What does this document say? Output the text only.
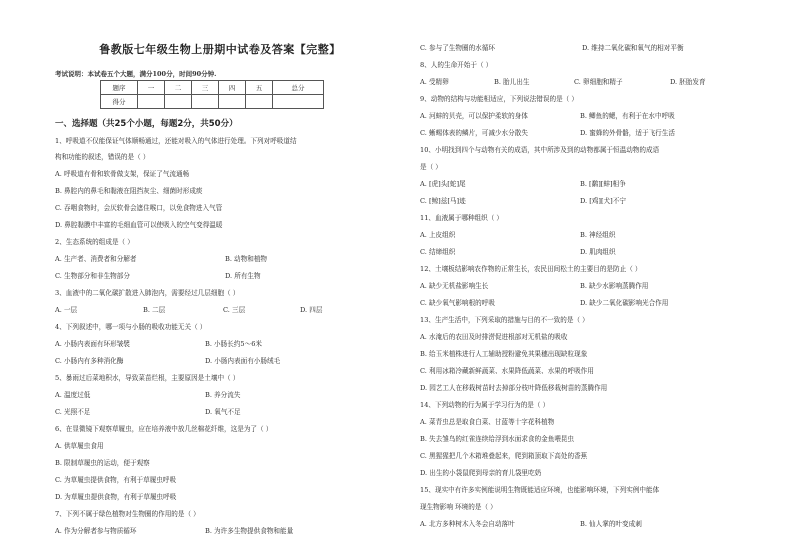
鲁教版七年级生物上册期中试卷及答案【完整】
考试说明：本试卷五个大题，满分100分，时间90分钟.
题序	一	二	三	四	五	总分
得分						
一、选择题（共25个小题，每题2分，共50分）
1、呼吸道不仅能保证气体顺畅通过，还能对吸入的气体进行处理。下列对呼吸道结
构和功能的叙述，错误的是（ ）
A. 呼吸道有骨和软骨做支架，保证了气流通畅
B. 鼻腔内的鼻毛和黏液在阻挡灰尘、细菌时形成痰
C. 吞咽食物时，会厌软骨会遮住喉口，以免食物进入气管
D. 鼻腔黏膜中丰富的毛细血管可以使吸入的空气变得温暖
2、生态系统的组成是（ ）
A. 生产者、消费者和分解者	B. 动物和植物
C. 生物部分和非生物部分	D. 所有生物
3、血液中的二氧化碳扩散进入肺泡内，需要经过几层细胞（ ）
A. 一层	B. 二层	C. 三层	D. 四层
4、下列叙述中，哪一项与小肠的吸收功能无关（ ）
A. 小肠内表面有环形皱襞	B. 小肠长约5～6米
C. 小肠内有多种消化酶	D. 小肠内表面有小肠绒毛
5、暴雨过后菜地积水，导致菜苗烂根，主要原因是土壤中（ ）
A. 温度过低	B. 养分流失
C. 光照不足	D. 氧气不足
6、在显微镜下观察草履虫，应在培养液中放几丝棉花纤维，这是为了（ ）
A. 供草履虫食用
B. 限制草履虫的运动，便于观察
C. 为草履虫提供食物，有利于草履虫呼吸
D. 为草履虫提供食物，有利于草履虫呼吸
7、下列不属于绿色植物对生物圈的作用的是（ ）
A. 作为分解者参与物质循环	B. 为许多生物提供食物和能量
C. 参与了生物圈的水循环	D. 维持二氧化碳和氧气的相对平衡
8、人的生命开始于（ ）
A. 受精卵	B. 胎儿出生	C. 卵细胞和精子	D. 胚胎发育
9、动物的结构与功能相适应，下列说法错误的是（ ）
A. 河蚌的贝壳，可以保护柔软的身体	B. 鲫鱼的鳃，有利于在水中呼吸
C. 蜥蜴体表的鳞片，可减少水分散失	D. 蜜蜂的外骨骼，适于飞行生活
10、小明找到四个与动物有关的成语，其中所涉及到的动物都属于恒温动物的成语
是（ ）
A. [虎]头[蛇]尾	B. [鹬][蚌]相争
C. [鲸]兹[马]迹	D. [鸡][犬]不宁
11、血液属于哪种组织（ ）
A. 上皮组织	B. 神经组织
C. 结缔组织	D. 肌肉组织
12、土壤板结影响农作物的正常生长，农民田间松土的主要目的是防止（ ）
A. 缺少无机盐影响生长	B. 缺少水影响蒸腾作用
C. 缺少氧气影响根的呼吸	D. 缺少二氧化碳影响光合作用
13、生产生活中，下列采取的措施与目的不一致的是（ ）
A. 水淹后的农田及时排涝促进根部对无机盐的吸收
B. 给玉米植株进行人工辅助授粉避免其果穗出现缺粒现象
C. 利用冰箱冷藏新鲜蔬菜、水果降低蔬菜、水果的呼吸作用
D. 园艺工人在移栽树苗时去掉部分枝叶降低移栽树苗的蒸腾作用
14、下列动物的行为属于学习行为的是（ ）
A. 菜青虫总是取食白菜、甘蓝等十字花科植物
B. 失去雏鸟的红雀连续给浮到水面求食的金鱼喂昆虫
C. 黑猩猩把几个木箱堆叠起来，爬到箱顶取下高处的香蕉
D. 出生的小袋鼠爬到母亲的育儿袋里吃奶
15、现实中有许多实例能说明生物既能适应环境，也能影响环境，下列实例中能体
现生物影响 环境的是（ ）
A. 北方多种树木入冬会自动落叶	B. 仙人掌的叶变成刺
